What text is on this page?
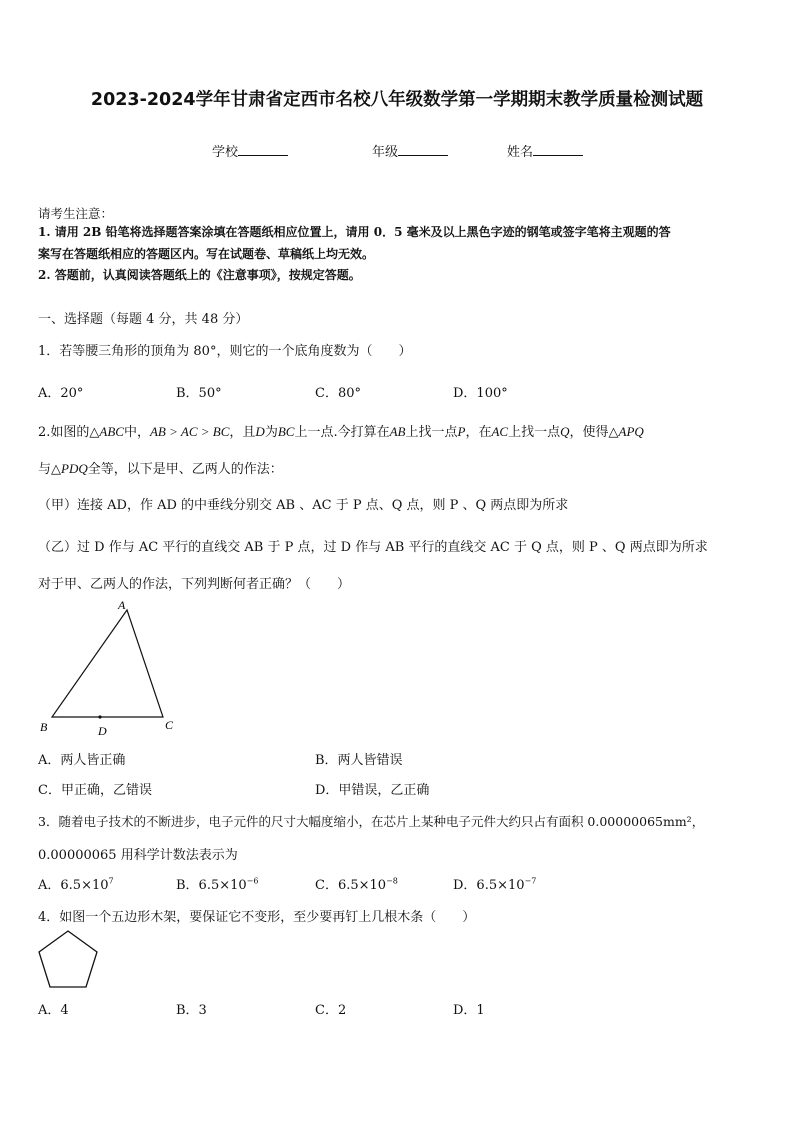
2023-2024学年甘肃省定西市名校八年级数学第一学期期末教学质量检测试题
学校	年级	姓名
请考生注意：
1. 请用 2B 铅笔将选择题答案涂填在答题纸相应位置上，请用 0．5 毫米及以上黑色字迹的钢笔或签字笔将主观题的答
案写在答题纸相应的答题区内。写在试题卷、草稿纸上均无效。
2. 答题前，认真阅读答题纸上的《注意事项》，按规定答题。
一、选择题（每题 4 分，共 48 分）
1．若等腰三角形的顶角为 80°，则它的一个底角度数为（　　）
A．20°	B．50°	C．80°	D．100°
2.如图的△ABC中，AB > AC > BC，且D为BC上一点.今打算在AB上找一点P，在AC上找一点Q，使得△APQ
与△PDQ全等，以下是甲、乙两人的作法：
（甲）连接 AD，作 AD 的中垂线分别交 AB 、AC 于 P 点、Q 点，则 P 、Q 两点即为所求
（乙）过 D 作与 AC 平行的直线交 AB 于 P 点，过 D 作与 AB 平行的直线交 AC 于 Q 点，则 P 、Q 两点即为所求
对于甲、乙两人的作法，下列判断何者正确？（　　）
A
B	D	C
A．两人皆正确	B．两人皆错误
C．甲正确，乙错误	D．甲错误，乙正确
3．随着电子技术的不断进步，电子元件的尺寸大幅度缩小，在芯片上某种电子元件大约只占有面积 0.00000065mm²，
0.00000065 用科学计数法表示为
A．$6.5\times 10^7$	B．$6.5\times 10^{-6}$	C．$6.5\times 10^{-8}$	D．$6.5\times 10^{-7}$
4．如图一个五边形木架，要保证它不变形，至少要再钉上几根木条（　　）
A．4	B．3	C．2	D．1
